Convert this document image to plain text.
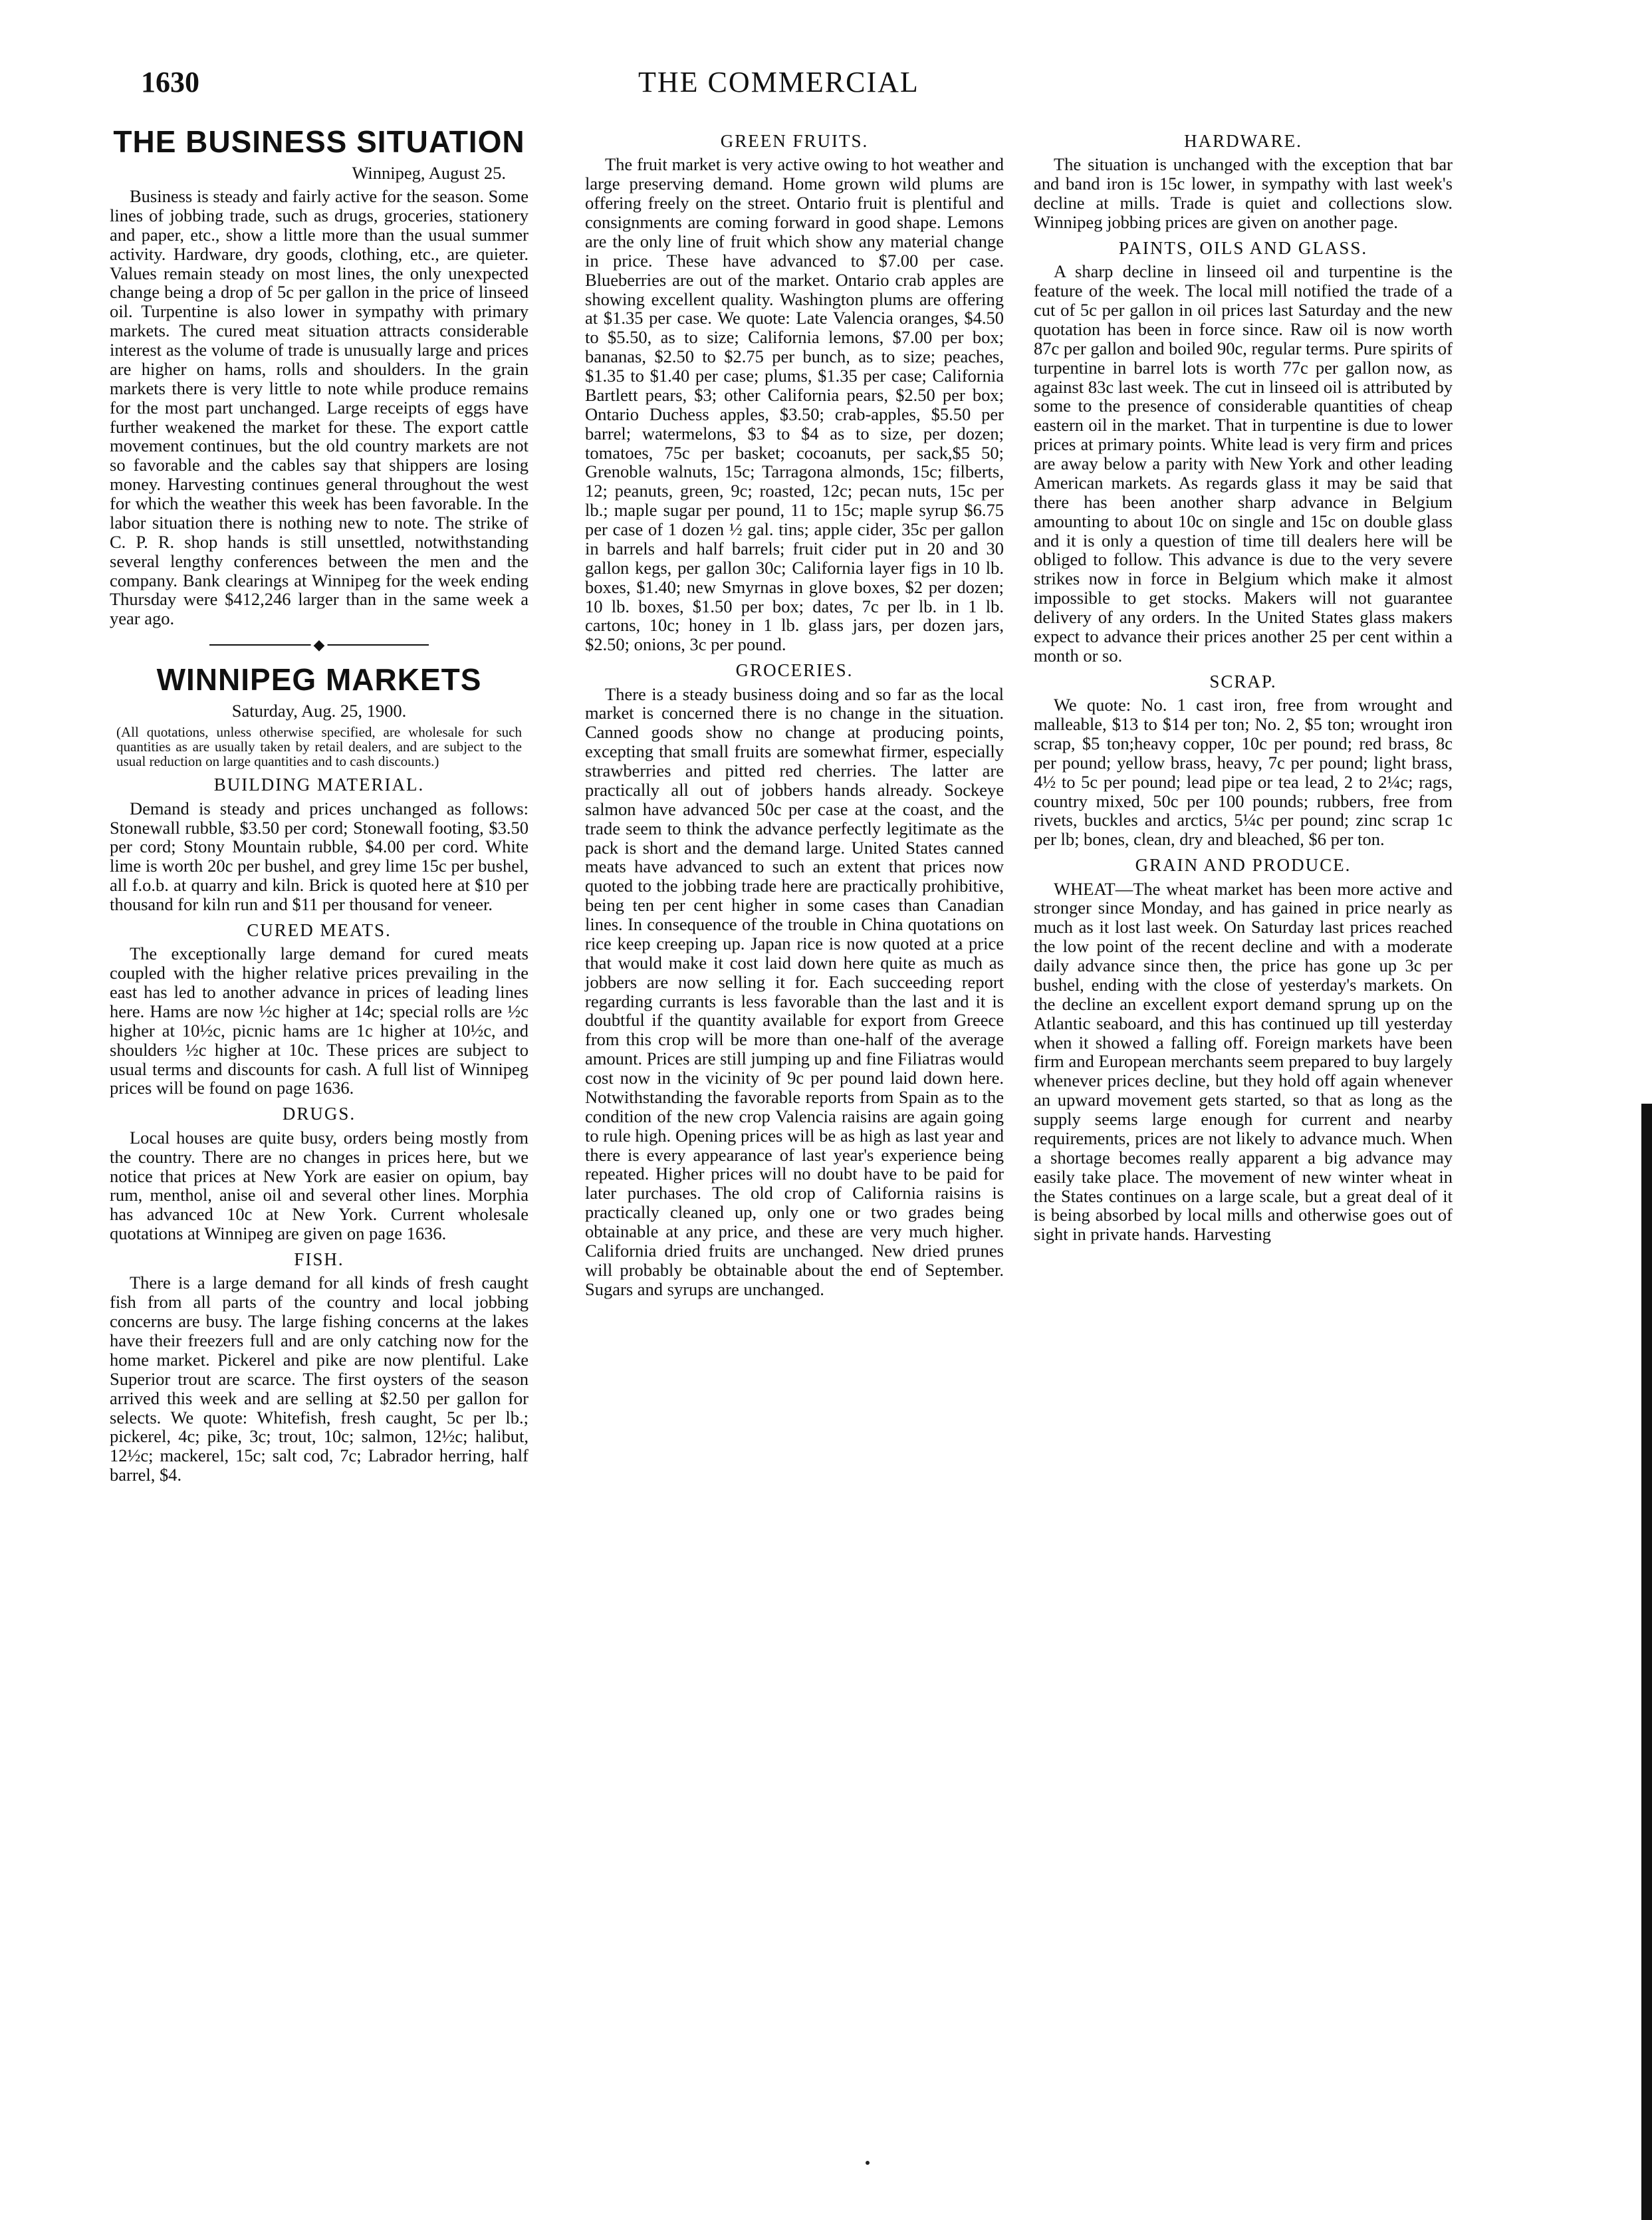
1630	THE COMMERCIAL
THE BUSINESS SITUATION
Winnipeg, August 25.

Business is steady and fairly active for the season. Some lines of jobbing trade, such as drugs, groceries, stationery and paper, etc., show a little more than the usual summer activity. Hardware, dry goods, clothing, etc., are quieter. Values remain steady on most lines, the only unexpected change being a drop of 5c per gallon in the price of linseed oil. Turpentine is also lower in sympathy with primary markets. The cured meat situation attracts considerable interest as the volume of trade is unusually large and prices are higher on hams, rolls and shoulders. In the grain markets there is very little to note while produce remains for the most part unchanged. Large receipts of eggs have further weakened the market for these. The export cattle movement continues, but the old country markets are not so favorable and the cables say that shippers are losing money. Harvesting continues general throughout the west for which the weather this week has been favorable. In the labor situation there is nothing new to note. The strike of C. P. R. shop hands is still unsettled, notwithstanding several lengthy conferences between the men and the company. Bank clearings at Winnipeg for the week ending Thursday were $412,246 larger than in the same week a year ago.

◆
WINNIPEG MARKETS
Saturday, Aug. 25, 1900.
(All quotations, unless otherwise specified, are wholesale for such quantities as are usually taken by retail dealers, and are subject to the usual reduction on large quantities and to cash discounts.)
BUILDING MATERIAL.

Demand is steady and prices unchanged as follows: Stonewall rubble, $3.50 per cord; Stonewall footing, $3.50 per cord; Stony Mountain rubble, $4.00 per cord. White lime is worth 20c per bushel, and grey lime 15c per bushel, all f.o.b. at quarry and kiln. Brick is quoted here at $10 per thousand for kiln run and $11 per thousand for veneer.

CURED MEATS.

The exceptionally large demand for cured meats coupled with the higher relative prices prevailing in the east has led to another advance in prices of leading lines here. Hams are now ½c higher at 14c; special rolls are ½c higher at 10½c, picnic hams are 1c higher at 10½c, and shoulders ½c higher at 10c. These prices are subject to usual terms and discounts for cash. A full list of Winnipeg prices will be found on page 1636.

DRUGS.

Local houses are quite busy, orders being mostly from the country. There are no changes in prices here, but we notice that prices at New York are easier on opium, bay rum, menthol, anise oil and several other lines. Morphia has advanced 10c at New York. Current wholesale quotations at Winnipeg are given on page 1636.

FISH.

There is a large demand for all kinds of fresh caught fish from all parts of the country and local jobbing concerns are busy. The large fishing concerns at the lakes have their freezers full and are only catching now for the home market. Pickerel and pike are now plentiful. Lake Superior trout are scarce. The first oysters of the season arrived this week and are selling at $2.50 per gallon for selects. We quote: Whitefish, fresh caught, 5c per lb.; pickerel, 4c; pike, 3c; trout, 10c; salmon, 12½c; halibut, 12½c; mackerel, 15c; salt cod, 7c; Labrador herring, half barrel, $4.

GREEN FRUITS.

The fruit market is very active owing to hot weather and large preserving demand. Home grown wild plums are offering freely on the street. Ontario fruit is plentiful and consignments are coming forward in good shape. Lemons are the only line of fruit which show any material change in price. These have advanced to $7.00 per case. Blueberries are out of the market. Ontario crab apples are showing excellent quality. Washington plums are offering at $1.35 per case. We quote: Late Valencia oranges, $4.50 to $5.50, as to size; California lemons, $7.00 per box; bananas, $2.50 to $2.75 per bunch, as to size; peaches, $1.35 to $1.40 per case; plums, $1.35 per case; California Bartlett pears, $3; other California pears, $2.50 per box; Ontario Duchess apples, $3.50; crab-apples, $5.50 per barrel; watermelons, $3 to $4 as to size, per dozen; tomatoes, 75c per basket; cocoanuts, per sack,$5 50; Grenoble walnuts, 15c; Tarragona almonds, 15c; filberts, 12; peanuts, green, 9c; roasted, 12c; pecan nuts, 15c per lb.; maple sugar per pound, 11 to 15c; maple syrup $6.75 per case of 1 dozen ½ gal. tins; apple cider, 35c per gallon in barrels and half barrels; fruit cider put in 20 and 30 gallon kegs, per gallon 30c; California layer figs in 10 lb. boxes, $1.40; new Smyrnas in glove boxes, $2 per dozen; 10 lb. boxes, $1.50 per box; dates, 7c per lb. in 1 lb. cartons, 10c; honey in 1 lb. glass jars, per dozen jars, $2.50; onions, 3c per pound.

GROCERIES.

There is a steady business doing and so far as the local market is concerned there is no change in the situation. Canned goods show no change at producing points, excepting that small fruits are somewhat firmer, especially strawberries and pitted red cherries. The latter are practically all out of jobbers hands already. Sockeye salmon have advanced 50c per case at the coast, and the trade seem to think the advance perfectly legitimate as the pack is short and the demand large. United States canned meats have advanced to such an extent that prices now quoted to the jobbing trade here are practically prohibitive, being ten per cent higher in some cases than Canadian lines. In consequence of the trouble in China quotations on rice keep creeping up. Japan rice is now quoted at a price that would make it cost laid down here quite as much as jobbers are now selling it for. Each succeeding report regarding currants is less favorable than the last and it is doubtful if the quantity available for export from Greece from this crop will be more than one-half of the average amount. Prices are still jumping up and fine Filiatras would cost now in the vicinity of 9c per pound laid down here. Notwithstanding the favorable reports from Spain as to the condition of the new crop Valencia raisins are again going to rule high. Opening prices will be as high as last year and there is every appearance of last year's experience being repeated. Higher prices will no doubt have to be paid for later purchases. The old crop of California raisins is practically cleaned up, only one or two grades being obtainable at any price, and these are very much higher. California dried fruits are unchanged. New dried prunes will probably be obtainable about the end of September. Sugars and syrups are unchanged.

HARDWARE.

The situation is unchanged with the exception that bar and band iron is 15c lower, in sympathy with last week's decline at mills. Trade is quiet and collections slow. Winnipeg jobbing prices are given on another page.

PAINTS, OILS AND GLASS.

A sharp decline in linseed oil and turpentine is the feature of the week. The local mill notified the trade of a cut of 5c per gallon in oil prices last Saturday and the new quotation has been in force since. Raw oil is now worth 87c per gallon and boiled 90c, regular terms. Pure spirits of turpentine in barrel lots is worth 77c per gallon now, as against 83c last week. The cut in linseed oil is attributed by some to the presence of considerable quantities of cheap eastern oil in the market. That in turpentine is due to lower prices at primary points. White lead is very firm and prices are away below a parity with New York and other leading American markets. As regards glass it may be said that there has been another sharp advance in Belgium amounting to about 10c on single and 15c on double glass and it is only a question of time till dealers here will be obliged to follow. This advance is due to the very severe strikes now in force in Belgium which make it almost impossible to get stocks. Makers will not guarantee delivery of any orders. In the United States glass makers expect to advance their prices another 25 per cent within a month or so.

SCRAP.

We quote: No. 1 cast iron, free from wrought and malleable, $13 to $14 per ton; No. 2, $5 ton; wrought iron scrap, $5 ton;heavy copper, 10c per pound; red brass, 8c per pound; yellow brass, heavy, 7c per pound; light brass, 4½ to 5c per pound; lead pipe or tea lead, 2 to 2¼c; rags, country mixed, 50c per 100 pounds; rubbers, free from rivets, buckles and arctics, 5¼c per pound; zinc scrap 1c per lb; bones, clean, dry and bleached, $6 per ton.

GRAIN AND PRODUCE.

WHEAT—The wheat market has been more active and stronger since Monday, and has gained in price nearly as much as it lost last week. On Saturday last prices reached the low point of the recent decline and with a moderate daily advance since then, the price has gone up 3c per bushel, ending with the close of yesterday's markets. On the decline an excellent export demand sprung up on the Atlantic seaboard, and this has continued up till yesterday when it showed a falling off. Foreign markets have been firm and European merchants seem prepared to buy largely whenever prices decline, but they hold off again whenever an upward movement gets started, so that as long as the supply seems large enough for current and nearby requirements, prices are not likely to advance much. When a shortage becomes really apparent a big advance may easily take place. The movement of new winter wheat in the States continues on a large scale, but a great deal of it is being absorbed by local mills and otherwise goes out of sight in private hands. Harvesting
